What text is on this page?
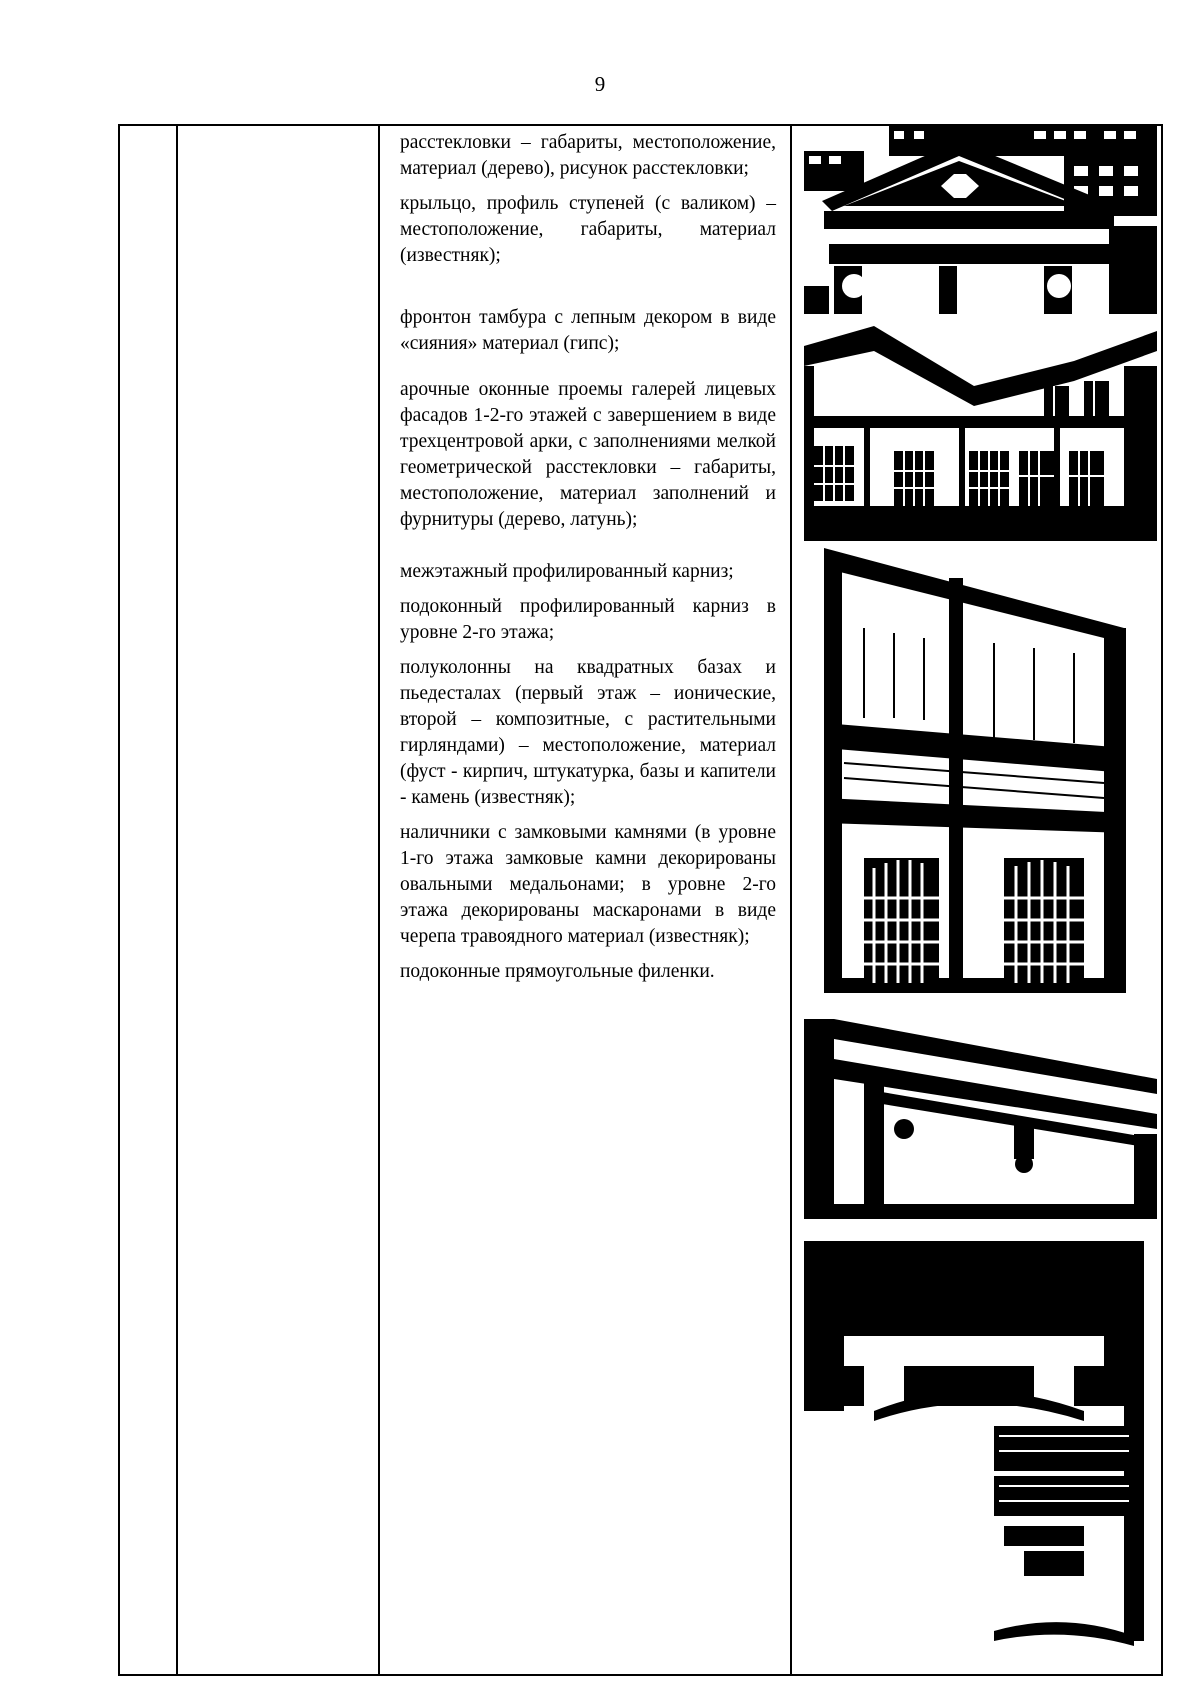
9

расстекловки – габариты, местоположение, материал (дерево), рисунок расстекловки;

крыльцо, профиль ступеней (с валиком) – местоположение, габариты, материал (известняк);

фронтон тамбура с лепным декором в виде «сияния» материал (гипс);

арочные оконные проемы галерей лицевых фасадов 1-2-го этажей с завершением в виде трехцентровой арки, с заполнениями мелкой геометрической расстекловки – габариты, местоположение, материал заполнений и фурнитуры (дерево, латунь);

межэтажный профилированный карниз;

подоконный профилированный карниз в уровне 2-го этажа;

полуколонны на квадратных базах и пьедесталах (первый этаж – ионические, второй – композитные, с растительными гирляндами) – местоположение, материал (фуст - кирпич, штукатурка, базы и капители - камень (известняк);

наличники с замковыми камнями (в уровне 1-го этажа замковые камни декорированы овальными медальонами; в уровне 2-го этажа декорированы маскаронами в виде черепа травоядного материал (известняк);

подоконные прямоугольные филенки.
